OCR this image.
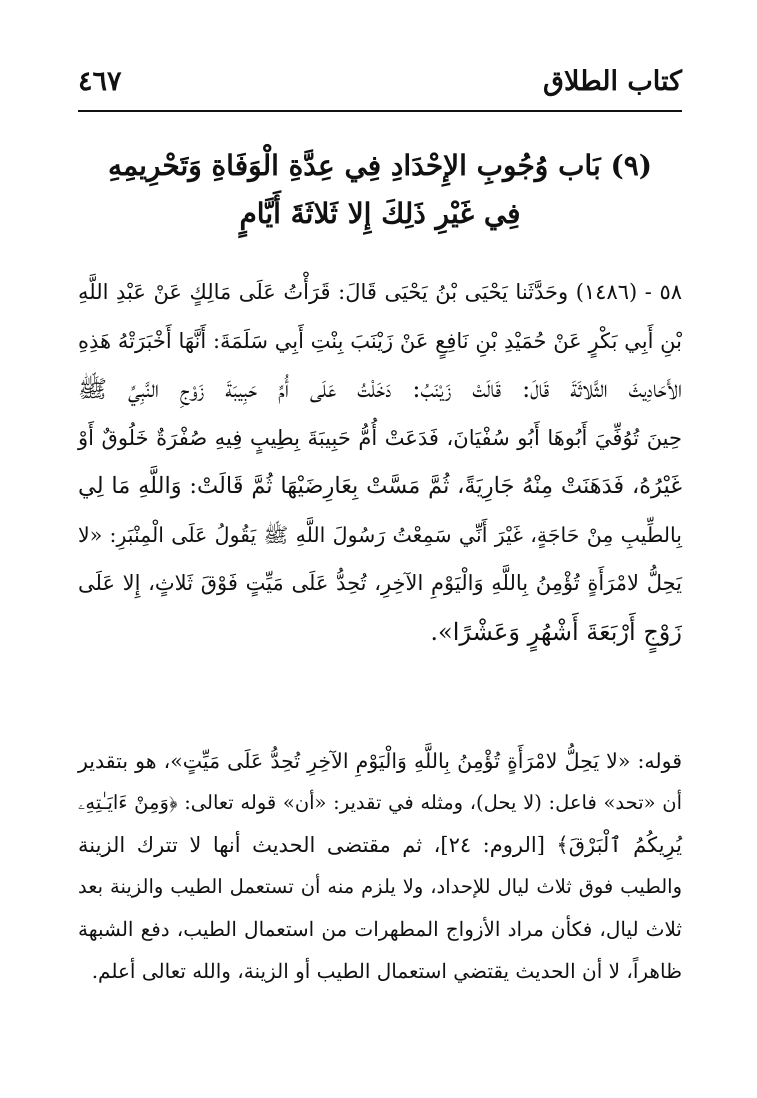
كتاب الطلاق
٤٦٧
(٩) بَاب وُجُوبِ الإِحْدَادِ فِي عِدَّةِ الْوَفَاةِ وَتَحْرِيمِهِ
فِي غَيْرِ ذَلِكَ إِلا ثَلاثَةَ أَيَّامٍ
٥٨ - (١٤٨٦) وحَدَّثَنا يَحْيَى بْنُ يَحْيَى قَالَ: قَرَأْتُ عَلَى مَالِكٍ عَنْ عَبْدِ اللَّهِ
بْنِ أَبِي بَكْرٍ عَنْ حُمَيْدِ بْنِ نَافِعٍ عَنْ زَيْنَبَ بِنْتِ أَبِي سَلَمَةَ: أَنَّهَا أَخْبَرَتْهُ هَذِهِ
الأَحَادِيثَ الثَّلاثَةَ قَالَ: قَالَتْ زَيْنَبُ: دَخَلْتُ عَلَى أُمِّ حَبِيبَةَ زَوْجِ النَّبِيِّ ﷺ
حِينَ تُوُفِّيَ أَبُوهَا أَبُو سُفْيَانَ، فَدَعَتْ أُمُّ حَبِيبَةَ بِطِيبٍ فِيهِ صُفْرَةٌ خَلُوقٌ أَوْ
غَيْرُهُ، فَدَهَنَتْ مِنْهُ جَارِيَةً، ثُمَّ مَسَّتْ بِعَارِضَيْهَا ثُمَّ قَالَتْ: وَاللَّهِ مَا لِي
بِالطِّيبِ مِنْ حَاجَةٍ، غَيْرَ أَنِّي سَمِعْتُ رَسُولَ اللَّهِ ﷺ يَقُولُ عَلَى الْمِنْبَرِ: «لا
يَحِلُّ لامْرَأَةٍ تُؤْمِنُ بِاللَّهِ وَالْيَوْمِ الآخِرِ، تُحِدُّ عَلَى مَيِّتٍ فَوْقَ ثَلاثٍ، إِلا عَلَى
زَوْجٍ أَرْبَعَةَ أَشْهُرٍ وَعَشْرًا».
قوله: «لا يَحِلُّ لامْرَأَةٍ تُؤْمِنُ بِاللَّهِ وَالْيَوْمِ الآخِرِ تُحِدُّ عَلَى مَيِّتٍ»، هو بتقدير
أن «تحد» فاعل: (لا يحل)، ومثله في تقدير: «أن» قوله تعالى: ﴿وَمِنْ ءَايَـٰتِهِۦ
يُرِيكُمُ ٱلْبَرْقَ﴾ [الروم: ٢٤]، ثم مقتضى الحديث أنها لا تترك الزينة
والطيب فوق ثلاث ليال للإحداد، ولا يلزم منه أن تستعمل الطيب والزينة بعد
ثلاث ليال، فكأن مراد الأزواج المطهرات من استعمال الطيب، دفع الشبهة
ظاهراً، لا أن الحديث يقتضي استعمال الطيب أو الزينة، والله تعالى أعلم.
